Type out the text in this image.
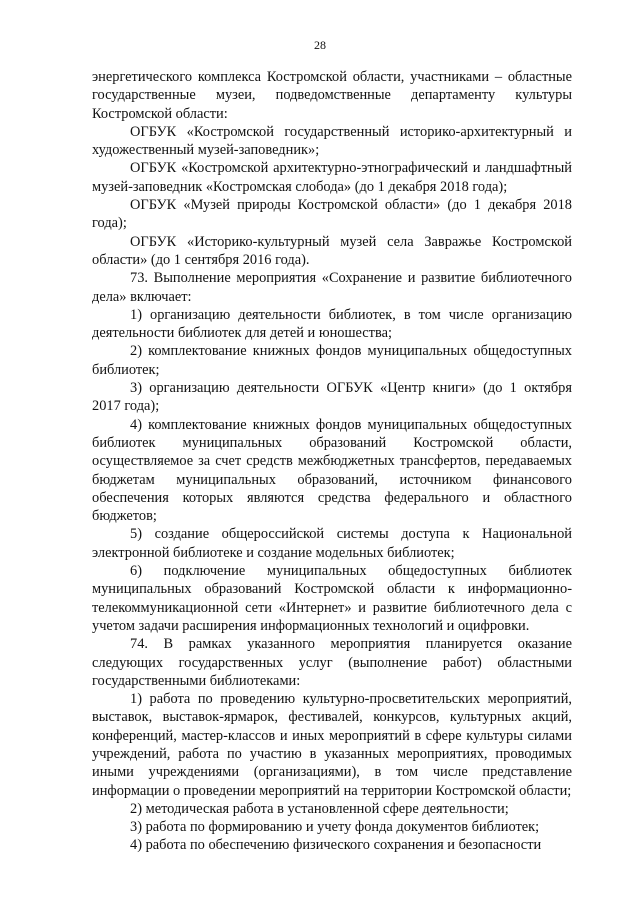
28

энергетического комплекса Костромской области, участниками – областные государственные музеи, подведомственные департаменту культуры Костромской области:

ОГБУК «Костромской государственный историко-архитектурный и художественный музей-заповедник»;

ОГБУК «Костромской архитектурно-этнографический и ландшафтный музей-заповедник «Костромская слобода» (до 1 декабря 2018 года);

ОГБУК «Музей природы Костромской области» (до 1 декабря 2018 года);

ОГБУК «Историко-культурный музей села Завражье Костромской области» (до 1 сентября 2016 года).

73. Выполнение мероприятия «Сохранение и развитие библиотечного дела» включает:

1) организацию деятельности библиотек, в том числе организацию деятельности библиотек для детей и юношества;

2) комплектование книжных фондов муниципальных общедоступных библиотек;

3) организацию деятельности ОГБУК «Центр книги» (до 1 октября 2017 года);

4) комплектование книжных фондов муниципальных общедоступных библиотек муниципальных образований Костромской области, осуществляемое за счет средств межбюджетных трансфертов, передаваемых бюджетам муниципальных образований, источником финансового обеспечения которых являются средства федерального и областного бюджетов;

5) создание общероссийской системы доступа к Национальной электронной библиотеке и создание модельных библиотек;

6) подключение муниципальных общедоступных библиотек муниципальных образований Костромской области к информационно-телекоммуникационной сети «Интернет» и развитие библиотечного дела с учетом задачи расширения информационных технологий и оцифровки.

74. В рамках указанного мероприятия планируется оказание следующих государственных услуг (выполнение работ) областными государственными библиотеками:

1) работа по проведению культурно-просветительских мероприятий, выставок, выставок-ярмарок, фестивалей, конкурсов, культурных акций, конференций, мастер-классов и иных мероприятий в сфере культуры силами учреждений, работа по участию в указанных мероприятиях, проводимых иными учреждениями (организациями), в том числе представление информации о проведении мероприятий на территории Костромской области;

2) методическая работа в установленной сфере деятельности;

3) работа по формированию и учету фонда документов библиотек;

4) работа по обеспечению физического сохранения и безопасности
